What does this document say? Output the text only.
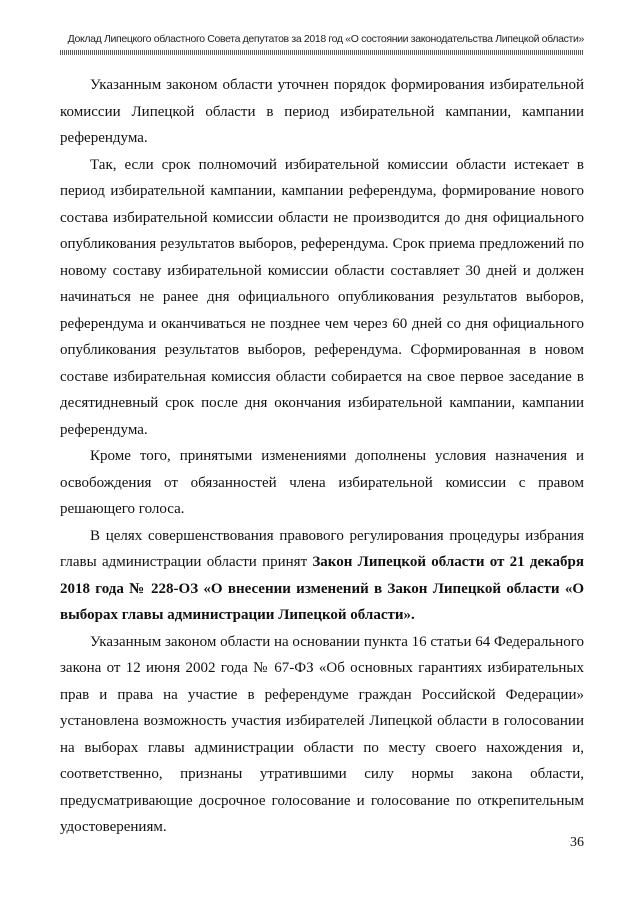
Доклад Липецкого областного Совета депутатов за 2018 год «О состоянии законодательства Липецкой области»

Указанным законом области уточнен порядок формирования избирательной комиссии Липецкой области в период избирательной кампании, кампании референдума.

Так, если срок полномочий избирательной комиссии области истекает в период избирательной кампании, кампании референдума, формирование нового состава избирательной комиссии области не производится до дня официального опубликования результатов выборов, референдума. Срок приема предложений по новому составу избирательной комиссии области составляет 30 дней и должен начинаться не ранее дня официального опубликования результатов выборов, референдума и оканчиваться не позднее чем через 60 дней со дня официального опубликования результатов выборов, референдума. Сформированная в новом составе избирательная комиссия области собирается на свое первое заседание в десятидневный срок после дня окончания избирательной кампании, кампании референдума.

Кроме того, принятыми изменениями дополнены условия назначения и освобождения от обязанностей члена избирательной комиссии с правом решающего голоса.

В целях совершенствования правового регулирования процедуры избрания главы администрации области принят Закон Липецкой области от 21 декабря 2018 года № 228-ОЗ «О внесении изменений в Закон Липецкой области «О выборах главы администрации Липецкой области».

Указанным законом области на основании пункта 16 статьи 64 Федерального закона от 12 июня 2002 года № 67-ФЗ «Об основных гарантиях избирательных прав и права на участие в референдуме граждан Российской Федерации» установлена возможность участия избирателей Липецкой области в голосовании на выборах главы администрации области по месту своего нахождения и, соответственно, признаны утратившими силу нормы закона области, предусматривающие досрочное голосование и голосование по открепительным удостоверениям.

36
